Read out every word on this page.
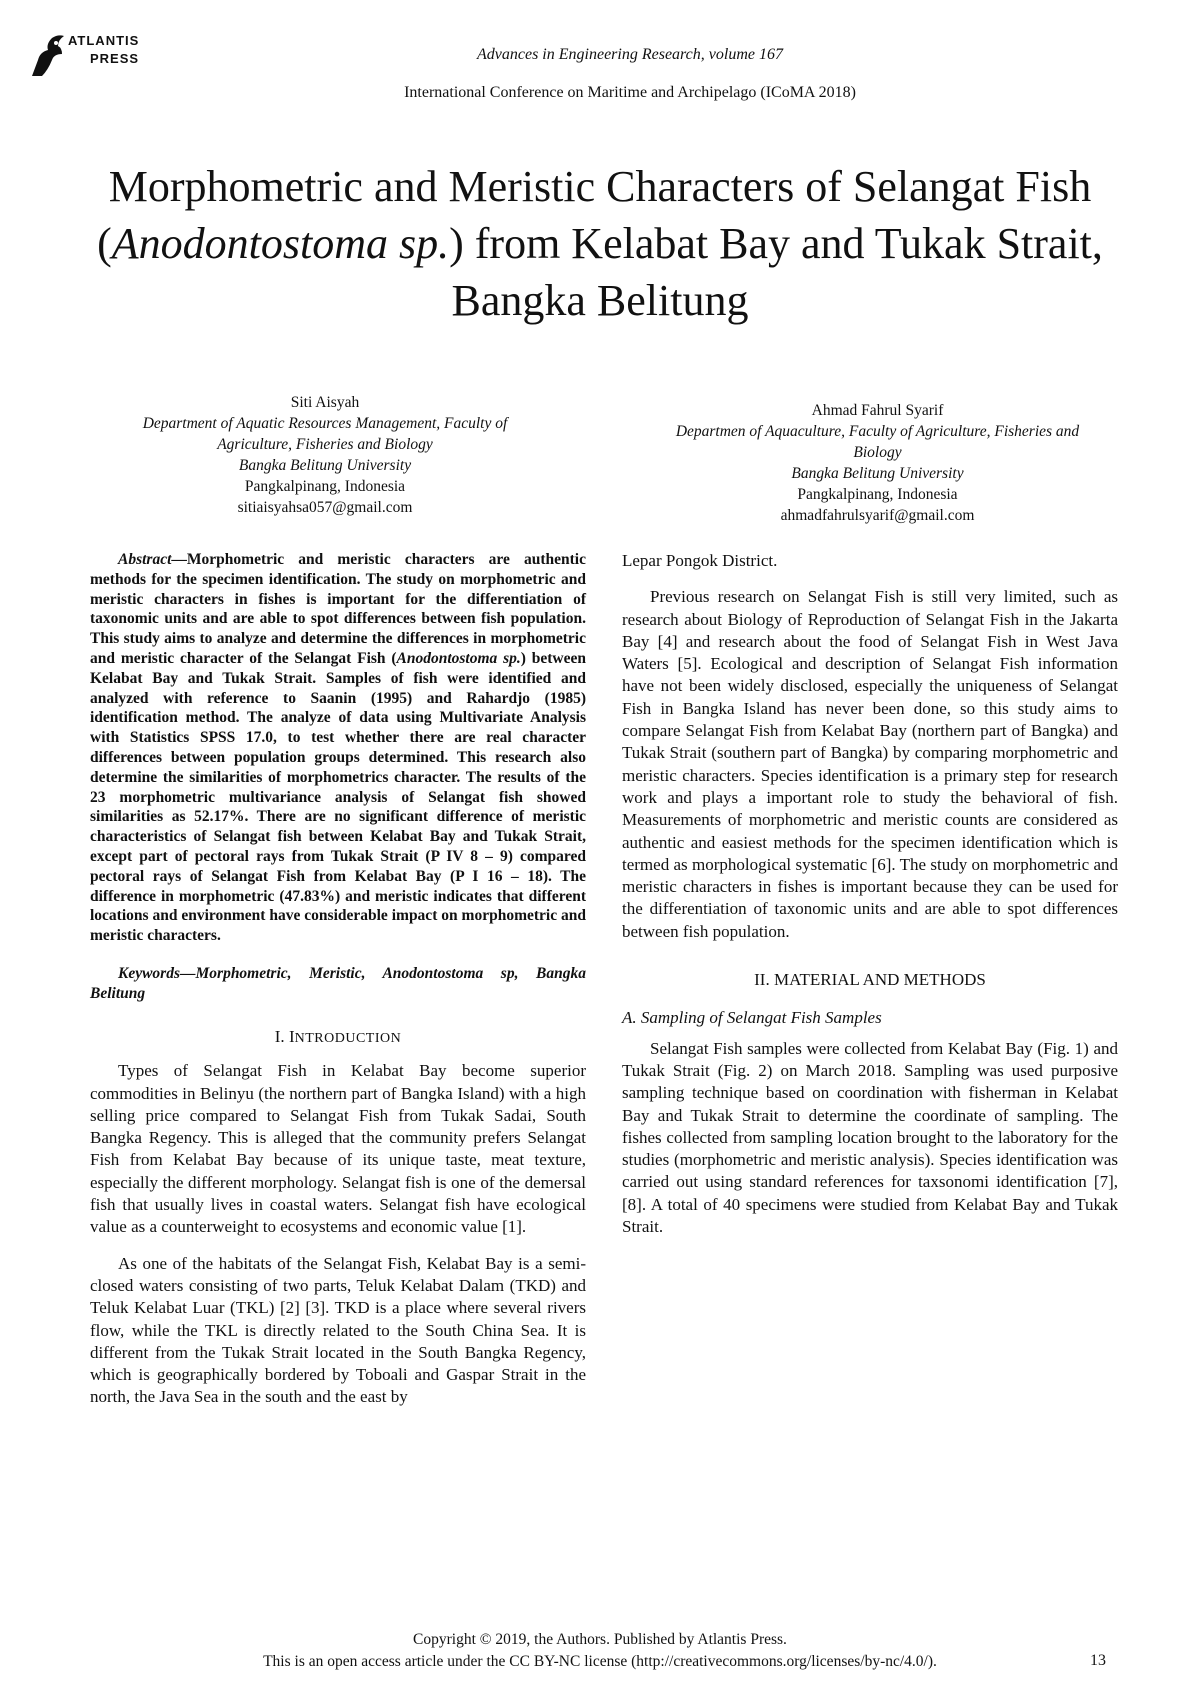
ATLANTIS
PRESS	Advances in Engineering Research, volume 167
International Conference on Maritime and Archipelago (ICoMA 2018)
Morphometric and Meristic Characters of Selangat Fish (Anodontostoma sp.) from Kelabat Bay and Tukak Strait, Bangka Belitung
Siti Aisyah
Department of Aquatic Resources Management, Faculty of Agriculture, Fisheries and Biology
Bangka Belitung University
Pangkalpinang, Indonesia
sitiaisyahsa057@gmail.com
Ahmad Fahrul Syarif
Departmen of Aquaculture, Faculty of Agriculture, Fisheries and Biology
Bangka Belitung University
Pangkalpinang, Indonesia
ahmadfahrulsyarif@gmail.com

Abstract—Morphometric and meristic characters are authentic methods for the specimen identification. The study on morphometric and meristic characters in fishes is important for the differentiation of taxonomic units and are able to spot differences between fish population. This study aims to analyze and determine the differences in morphometric and meristic character of the Selangat Fish (Anodontostoma sp.) between Kelabat Bay and Tukak Strait. Samples of fish were identified and analyzed with reference to Saanin (1995) and Rahardjo (1985) identification method. The analyze of data using Multivariate Analysis with Statistics SPSS 17.0, to test whether there are real character differences between population groups determined. This research also determine the similarities of morphometrics character. The results of the 23 morphometric multivariance analysis of Selangat fish showed similarities as 52.17%. There are no significant difference of meristic characteristics of Selangat fish between Kelabat Bay and Tukak Strait, except part of pectoral rays from Tukak Strait (P IV 8 – 9) compared pectoral rays of Selangat Fish from Kelabat Bay (P I 16 – 18). The difference in morphometric (47.83%) and meristic indicates that different locations and environment have considerable impact on morphometric and meristic characters.

Keywords—Morphometric, Meristic, Anodontostoma sp, Bangka Belitung

I. INTRODUCTION

Types of Selangat Fish in Kelabat Bay become superior commodities in Belinyu (the northern part of Bangka Island) with a high selling price compared to Selangat Fish from Tukak Sadai, South Bangka Regency. This is alleged that the community prefers Selangat Fish from Kelabat Bay because of its unique taste, meat texture, especially the different morphology. Selangat fish is one of the demersal fish that usually lives in coastal waters. Selangat fish have ecological value as a counterweight to ecosystems and economic value [1].

As one of the habitats of the Selangat Fish, Kelabat Bay is a semi-closed waters consisting of two parts, Teluk Kelabat Dalam (TKD) and Teluk Kelabat Luar (TKL) [2] [3]. TKD is a place where several rivers flow, while the TKL is directly related to the South China Sea. It is different from the Tukak Strait located in the South Bangka Regency, which is geographically bordered by Toboali and Gaspar Strait in the north, the Java Sea in the south and the east by

Lepar Pongok District.

Previous research on Selangat Fish is still very limited, such as research about Biology of Reproduction of Selangat Fish in the Jakarta Bay [4] and research about the food of Selangat Fish in West Java Waters [5]. Ecological and description of Selangat Fish information have not been widely disclosed, especially the uniqueness of Selangat Fish in Bangka Island has never been done, so this study aims to compare Selangat Fish from Kelabat Bay (northern part of Bangka) and Tukak Strait (southern part of Bangka) by comparing morphometric and meristic characters. Species identification is a primary step for research work and plays a important role to study the behavioral of fish. Measurements of morphometric and meristic counts are considered as authentic and easiest methods for the specimen identification which is termed as morphological systematic [6]. The study on morphometric and meristic characters in fishes is important because they can be used for the differentiation of taxonomic units and are able to spot differences between fish population.

II. MATERIAL AND METHODS

A. Sampling of Selangat Fish Samples

Selangat Fish samples were collected from Kelabat Bay (Fig. 1) and Tukak Strait (Fig. 2) on March 2018. Sampling was used purposive sampling technique based on coordination with fisherman in Kelabat Bay and Tukak Strait to determine the coordinate of sampling. The fishes collected from sampling location brought to the laboratory for the studies (morphometric and meristic analysis). Species identification was carried out using standard references for taxsonomi identification [7],[8]. A total of 40 specimens were studied from Kelabat Bay and Tukak Strait.

Copyright © 2019, the Authors. Published by Atlantis Press.
This is an open access article under the CC BY-NC license (http://creativecommons.org/licenses/by-nc/4.0/).	13
